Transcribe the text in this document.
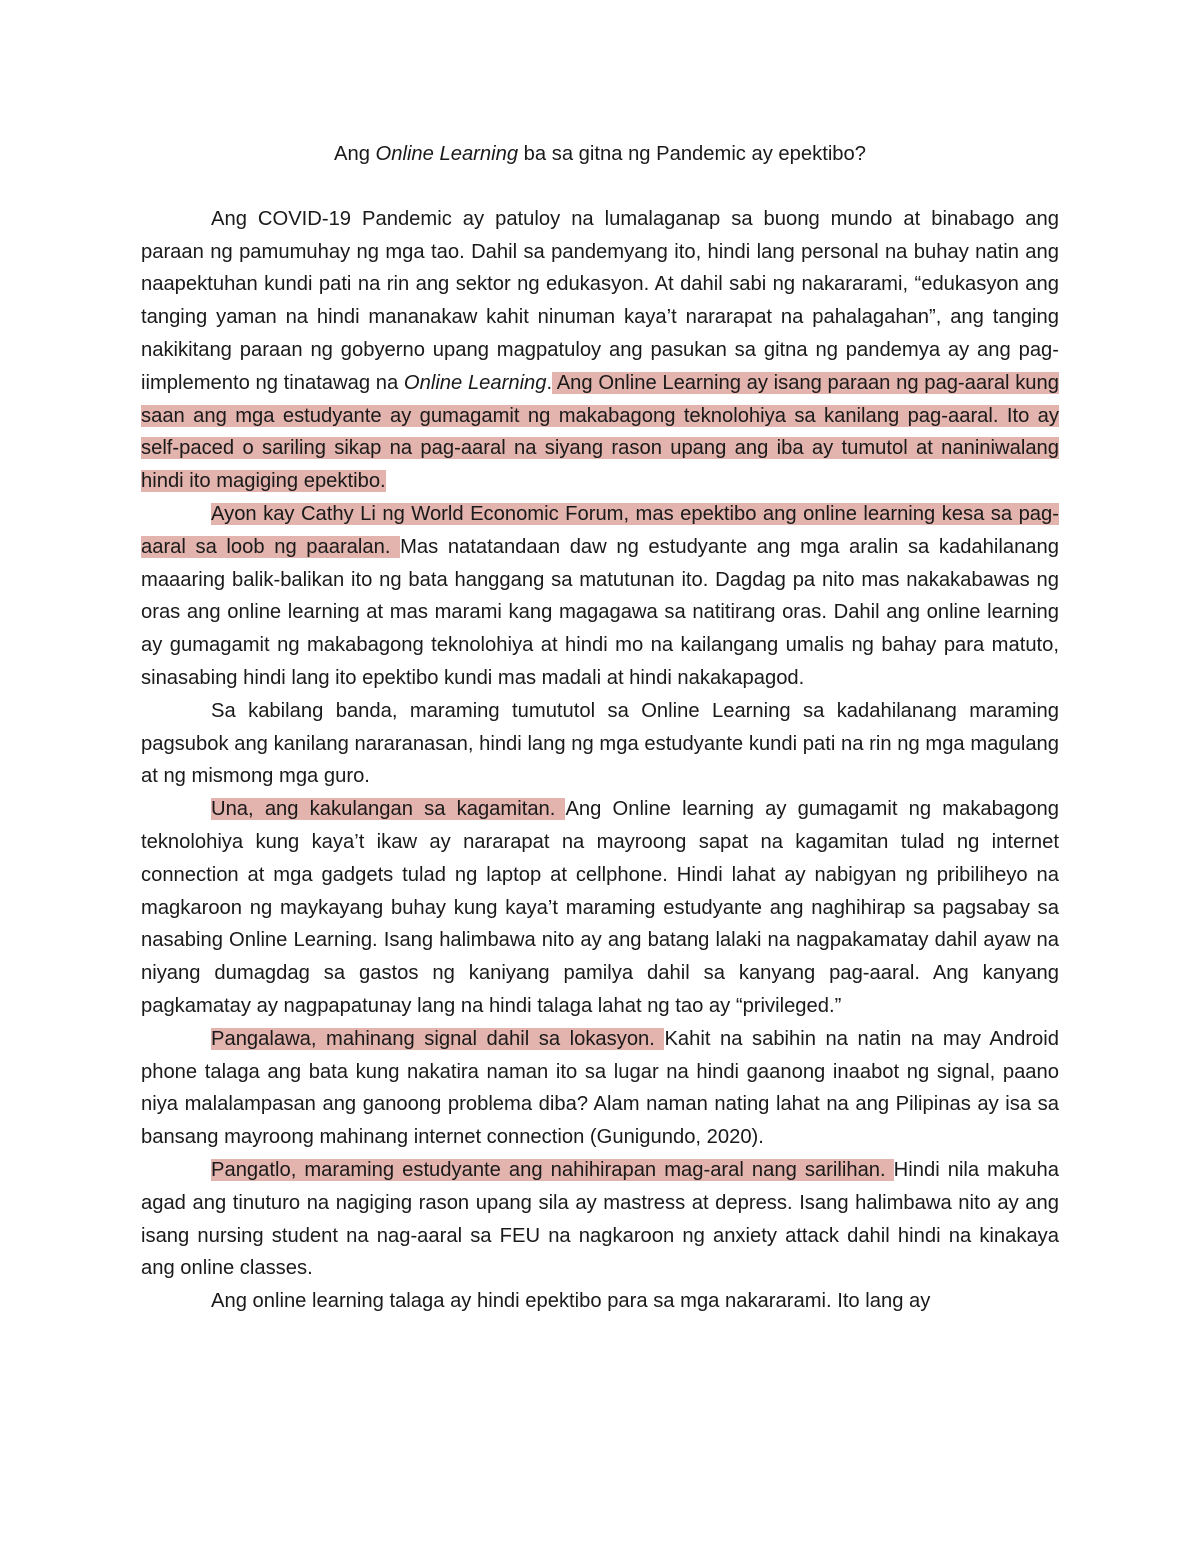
Ang Online Learning ba sa gitna ng Pandemic ay epektibo?

Ang COVID-19 Pandemic ay patuloy na lumalaganap sa buong mundo at binabago ang paraan ng pamumuhay ng mga tao. Dahil sa pandemyang ito, hindi lang personal na buhay natin ang naapektuhan kundi pati na rin ang sektor ng edukasyon. At dahil sabi ng nakararami, “edukasyon ang tanging yaman na hindi mananakaw kahit ninuman kaya’t nararapat na pahalagahan”, ang tanging nakikitang paraan ng gobyerno upang magpatuloy ang pasukan sa gitna ng pandemya ay ang pag-iimplemento ng tinatawag na Online Learning. Ang Online Learning ay isang paraan ng pag-aaral kung saan ang mga estudyante ay gumagamit ng makabagong teknolohiya sa kanilang pag-aaral. Ito ay self-paced o sariling sikap na pag-aaral na siyang rason upang ang iba ay tumutol at naniniwalang hindi ito magiging epektibo.

Ayon kay Cathy Li ng World Economic Forum, mas epektibo ang online learning kesa sa pag-aaral sa loob ng paaralan. Mas natatandaan daw ng estudyante ang mga aralin sa kadahilanang maaaring balik-balikan ito ng bata hanggang sa matutunan ito. Dagdag pa nito mas nakakabawas ng oras ang online learning at mas marami kang magagawa sa natitirang oras. Dahil ang online learning ay gumagamit ng makabagong teknolohiya at hindi mo na kailangang umalis ng bahay para matuto, sinasabing hindi lang ito epektibo kundi mas madali at hindi nakakapagod.

Sa kabilang banda, maraming tumututol sa Online Learning sa kadahilanang maraming pagsubok ang kanilang nararanasan, hindi lang ng mga estudyante kundi pati na rin ng mga magulang at ng mismong mga guro.

Una, ang kakulangan sa kagamitan. Ang Online learning ay gumagamit ng makabagong teknolohiya kung kaya’t ikaw ay nararapat na mayroong sapat na kagamitan tulad ng internet connection at mga gadgets tulad ng laptop at cellphone. Hindi lahat ay nabigyan ng pribiliheyo na magkaroon ng maykayang buhay kung kaya’t maraming estudyante ang naghihirap sa pagsabay sa nasabing Online Learning. Isang halimbawa nito ay ang batang lalaki na nagpakamatay dahil ayaw na niyang dumagdag sa gastos ng kaniyang pamilya dahil sa kanyang pag-aaral. Ang kanyang pagkamatay ay nagpapatunay lang na hindi talaga lahat ng tao ay “privileged.”

Pangalawa, mahinang signal dahil sa lokasyon. Kahit na sabihin na natin na may Android phone talaga ang bata kung nakatira naman ito sa lugar na hindi gaanong inaabot ng signal, paano niya malalampasan ang ganoong problema diba? Alam naman nating lahat na ang Pilipinas ay isa sa bansang mayroong mahinang internet connection (Gunigundo, 2020).

Pangatlo, maraming estudyante ang nahihirapan mag-aral nang sarilihan. Hindi nila makuha agad ang tinuturo na nagiging rason upang sila ay mastress at depress. Isang halimbawa nito ay ang isang nursing student na nag-aaral sa FEU na nagkaroon ng anxiety attack dahil hindi na kinakaya ang online classes.

Ang online learning talaga ay hindi epektibo para sa mga nakararami. Ito lang ay
